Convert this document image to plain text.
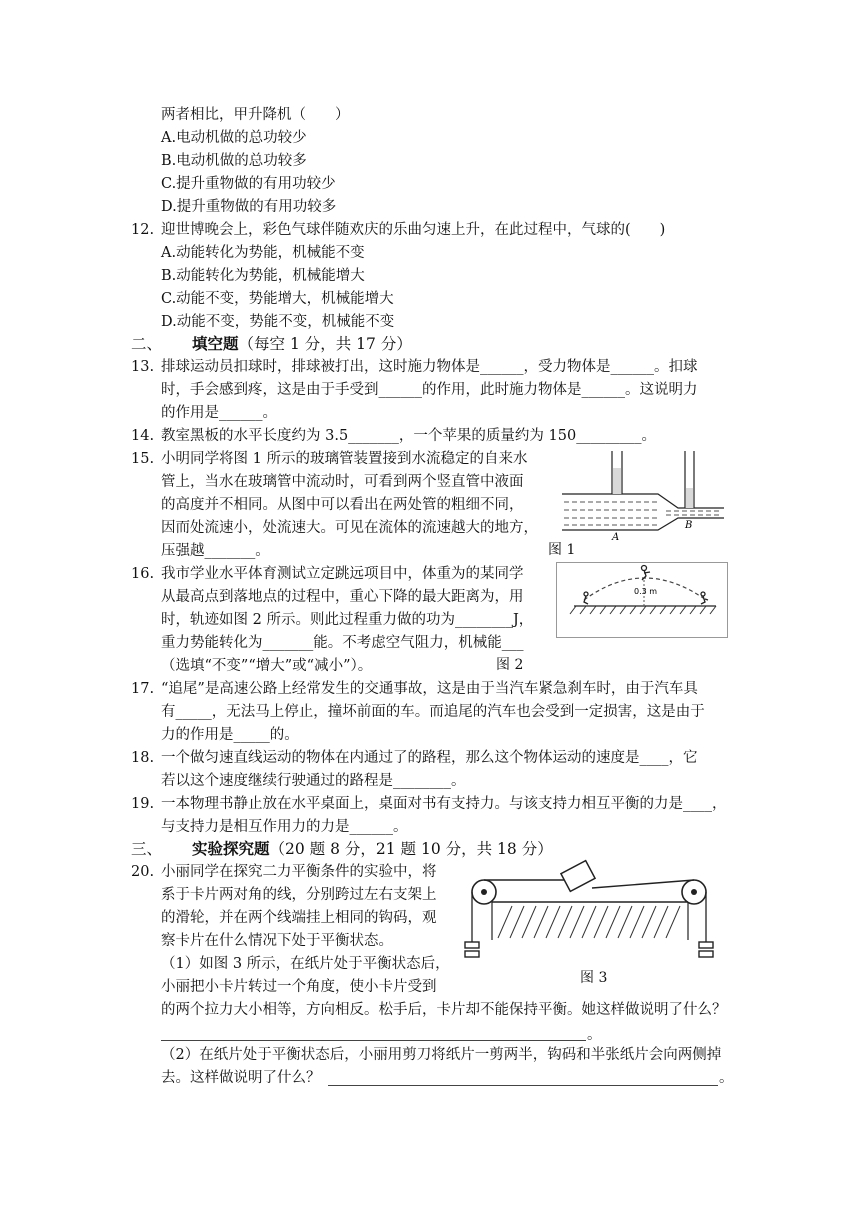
两者相比，甲升降机（　　）
A.电动机做的总功较少
B.电动机做的总功较多
C.提升重物做的有用功较少
D.提升重物做的有用功较多
12. 迎世博晚会上，彩色气球伴随欢庆的乐曲匀速上升，在此过程中，气球的(　　)
A.动能转化为势能，机械能不变
B.动能转化为势能，机械能增大
C.动能不变，势能增大，机械能增大
D.动能不变，势能不变，机械能不变
二、 填空题（每空 1 分，共 17 分）
13. 排球运动员扣球时，排球被打出，这时施力物体是______，受力物体是______。扣球
时，手会感到疼，这是由于手受到______的作用，此时施力物体是______。这说明力
的作用是______。
14. 教室黑板的水平长度约为 3.5_______，一个苹果的质量约为 150_________。
15. 小明同学将图 1 所示的玻璃管装置接到水流稳定的自来水
管上，当水在玻璃管中流动时，可看到两个竖直管中液面
的高度并不相同。从图中可以看出在两处管的粗细不同，
因而处流速小，处流速大。可见在流体的流速越大的地方，
压强越_______。
A
B
图 1
16. 我市学业水平体育测试立定跳远项目中，体重为的某同学
从最高点到落地点的过程中，重心下降的最大距离为，用
时，轨迹如图 2 所示。则此过程重力做的功为________J，
重力势能转化为_______能。不考虑空气阻力，机械能___
（选填“不变”“增大”或“减小”）。
0.3 m
图 2
17. “追尾”是高速公路上经常发生的交通事故，这是由于当汽车紧急刹车时，由于汽车具
有_____，无法马上停止，撞坏前面的车。而追尾的汽车也会受到一定损害，这是由于
力的作用是_____的。
18. 一个做匀速直线运动的物体在内通过了的路程，那么这个物体运动的速度是____，它
若以这个速度继续行驶通过的路程是________。
19. 一本物理书静止放在水平桌面上，桌面对书有支持力。与该支持力相互平衡的力是____，
与支持力是相互作用力的力是______。
三、 实验探究题（20 题 8 分，21 题 10 分，共 18 分）
20. 小丽同学在探究二力平衡条件的实验中，将
系于卡片两对角的线，分别跨过左右支架上
的滑轮，并在两个线端挂上相同的钩码，观
察卡片在什么情况下处于平衡状态。
（1）如图 3 所示，在纸片处于平衡状态后，
小丽把小卡片转过一个角度，使小卡片受到
的两个拉力大小相等，方向相反。松手后，卡片却不能保持平衡。她这样做说明了什么？
。
（2）在纸片处于平衡状态后，小丽用剪刀将纸片一剪两半，钩码和半张纸片会向两侧掉
去。这样做说明了什么？	。
图 3
